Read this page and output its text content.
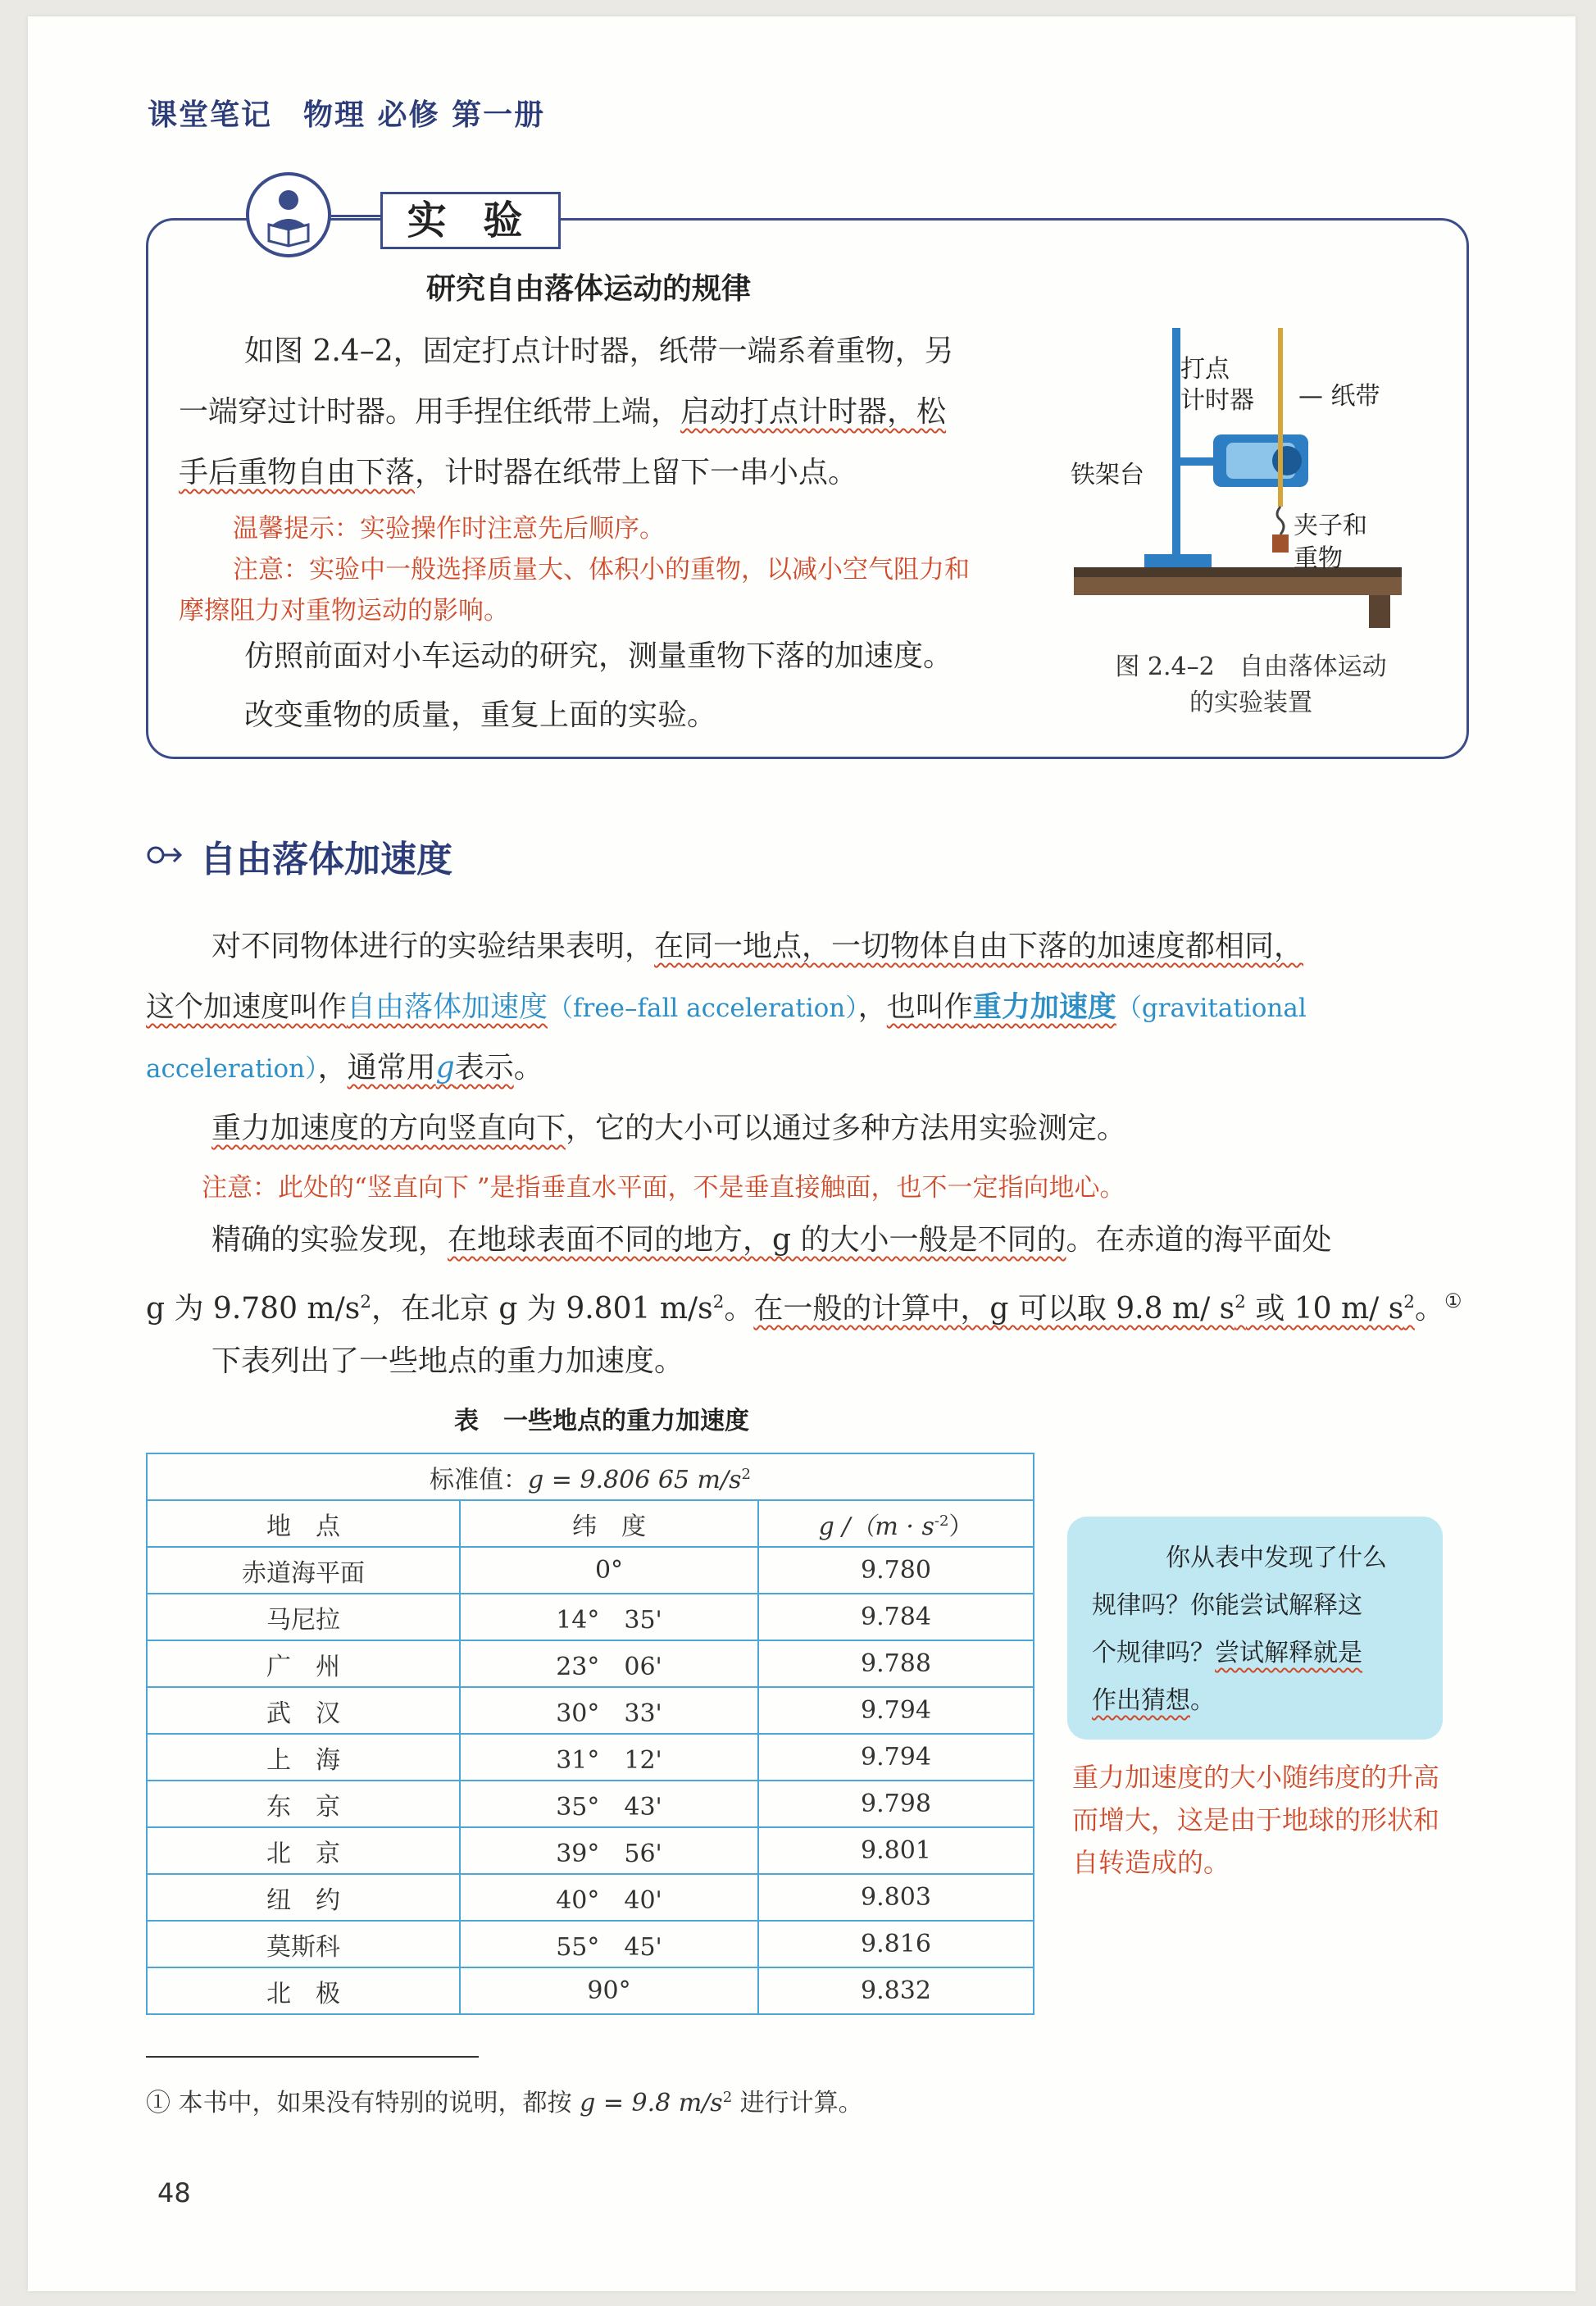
课堂笔记　物理 必修 第一册
实 验
研究自由落体运动的规律
如图 2.4–2，固定打点计时器，纸带一端系着重物，另
一端穿过计时器。用手捏住纸带上端，启动打点计时器，松
手后重物自由下落，计时器在纸带上留下一串小点。
温馨提示：实验操作时注意先后顺序。
注意：实验中一般选择质量大、体积小的重物，以减小空气阻力和
摩擦阻力对重物运动的影响。
仿照前面对小车运动的研究，测量重物下落的加速度。
改变重物的质量，重复上面的实验。
打点
计时器 — 纸带
铁架台
夹子和
重物
图 2.4–2　自由落体运动
的实验装置
自由落体加速度
对不同物体进行的实验结果表明，在同一地点，一切物体自由下落的加速度都相同，
这个加速度叫作自由落体加速度（free–fall acceleration），也叫作重力加速度（gravitational
acceleration），通常用g表示。
重力加速度的方向竖直向下，它的大小可以通过多种方法用实验测定。
注意：此处的“竖直向下 ”是指垂直水平面，不是垂直接触面，也不一定指向地心。
精确的实验发现，在地球表面不同的地方，g 的大小一般是不同的。在赤道的海平面处
g 为 9.780 $m/s^2$，在北京 g 为 9.801 $m/s^2$。在一般的计算中，g 可以取 9.8 m/ $s^2$ 或 10 m/ $s^2$。①
下表列出了一些地点的重力加速度。
表　一些地点的重力加速度
标准值：g = 9.806 65 $m/s^2$
地　点	纬　度	g $/(m \cdot s^{-2})$
赤道海平面	0°	9.780
马尼拉	14°　35'	9.784
广　州	23°　06'	9.788
武　汉	30°　33'	9.794
上　海	31°　12'	9.794
东　京	35°　43'	9.798
北　京	39°　56'	9.801
纽　约	40°　40'	9.803
莫斯科	55°　45'	9.816
北　极	90°	9.832
你从表中发现了什么
规律吗？你能尝试解释这
个规律吗？尝试解释就是
作出猜想。
重力加速度的大小随纬度的升高而增大，这是由于地球的形状和自转造成的。
① 本书中，如果没有特别的说明，都按 g = 9.8 $m/s^2$ 进行计算。
48
